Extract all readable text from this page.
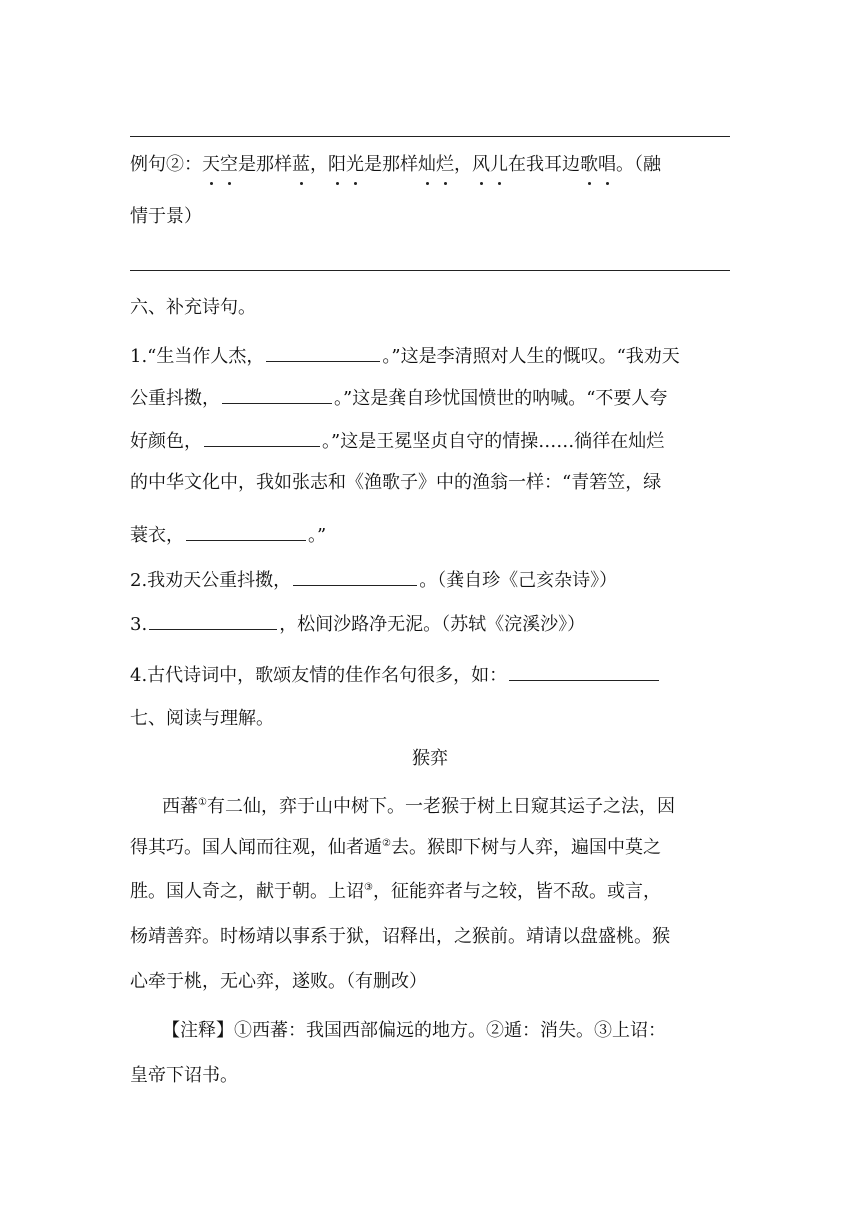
例句②：天空是那样蓝，阳光是那样灿烂，风儿在我耳边歌唱。（融
情于景）
六、补充诗句。
1.“生当作人杰，	。”这是李清照对人生的慨叹。“我劝天
公重抖擞，	。”这是龚自珍忧国愤世的呐喊。“不要人夸
好颜色，	。”这是王冕坚贞自守的情操……徜徉在灿烂
的中华文化中，我如张志和《渔歌子》中的渔翁一样：“青箬笠，绿
蓑衣，	。”
2.我劝天公重抖擞，	。（龚自珍《己亥杂诗》）
3.	，松间沙路净无泥。（苏轼《浣溪沙》）
4.古代诗词中，歌颂友情的佳作名句很多，如：
七、阅读与理解。
猴弈
西蕃①有二仙，弈于山中树下。一老猴于树上日窥其运子之法，因
得其巧。国人闻而往观，仙者遁②去。猴即下树与人弈，遍国中莫之
胜。国人奇之，献于朝。上诏③，征能弈者与之较，皆不敌。或言，
杨靖善弈。时杨靖以事系于狱，诏释出，之猴前。靖请以盘盛桃。猴
心牵于桃，无心弈，遂败。（有删改）
【注释】①西蕃：我国西部偏远的地方。②遁：消失。③上诏：
皇帝下诏书。
